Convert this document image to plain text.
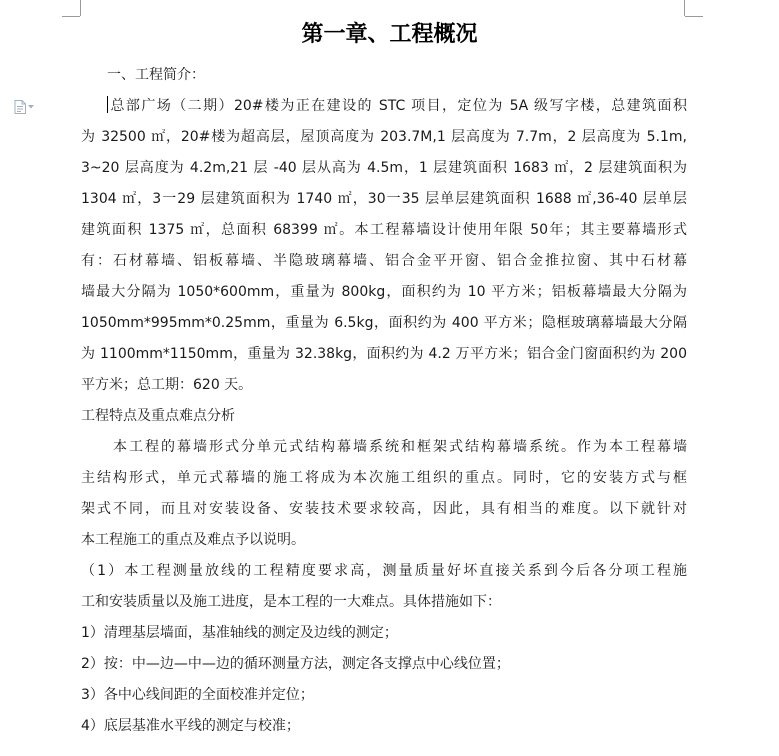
第一章、工程概况
一、工程简介：
总部广场（二期）20#楼为正在建设的 STC 项目，定位为 5A 级写字楼，总建筑面积
为 32500 ㎡，20#楼为超高层，屋顶高度为 203.7M,1 层高度为 7.7m，2 层高度为 5.1m,
3~20 层高度为 4.2m,21 层 -40 层从高为 4.5m，1 层建筑面积 1683 ㎡，2 层建筑面积为
1304 ㎡，3一29 层建筑面积为 1740 ㎡，30一35 层单层建筑面积 1688 ㎡,36-40 层单层
建筑面积 1375 ㎡，总面积 68399 ㎡。本工程幕墙设计使用年限 50年；其主要幕墙形式
有：石材幕墙、铝板幕墙、半隐玻璃幕墙、铝合金平开窗、铝合金推拉窗、其中石材幕
墙最大分隔为 1050*600mm，重量为 800kg，面积约为 10 平方米；铝板幕墙最大分隔为
1050mm*995mm*0.25mm，重量为 6.5kg，面积约为 400 平方米；隐框玻璃幕墙最大分隔
为 1100mm*1150mm，重量为 32.38kg，面积约为 4.2 万平方米；铝合金门窗面积约为 200
平方米；总工期：620 天。
工程特点及重点难点分析
本工程的幕墙形式分单元式结构幕墙系统和框架式结构幕墙系统。作为本工程幕墙
主结构形式，单元式幕墙的施工将成为本次施工组织的重点。同时，它的安装方式与框
架式不同，而且对安装设备、安装技术要求较高，因此，具有相当的难度。以下就针对
本工程施工的重点及难点予以说明。
（1）本工程测量放线的工程精度要求高，测量质量好坏直接关系到今后各分项工程施
工和安装质量以及施工进度，是本工程的一大难点。具体措施如下：
1）清理基层墙面，基准轴线的测定及边线的测定；
2）按：中—边—中—边的循环测量方法，测定各支撑点中心线位置；
3）各中心线间距的全面校准并定位；
4）底层基准水平线的测定与校准；
